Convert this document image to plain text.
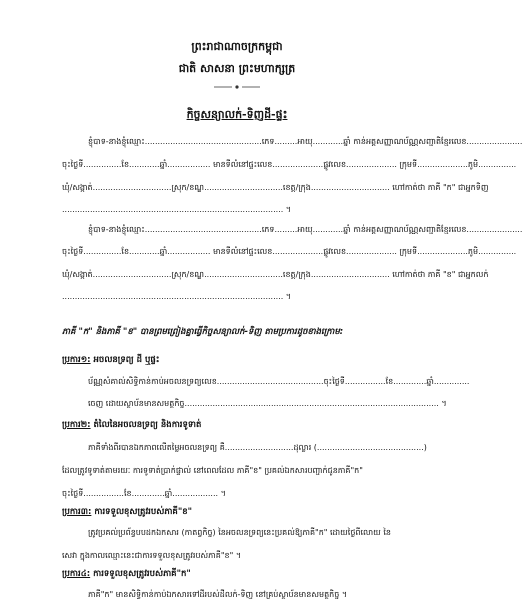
ព្រះរាជាណាចក្រកម្ពុជា
ជាតិ សាសនា ព្រះមហាក្សត្រ
កិច្ចសន្យាលក់-ទិញដី-ផ្ទះ
ខ្ញុំបាទ-នាងខ្ញុំឈ្មោះ..............................................ភេទ.........អាយុ............ឆ្នាំ កាន់អត្តសញ្ញាណប័ណ្ណសញ្ជាតិខ្មែរលេខ......................
ចុះថ្ងៃទី...............ខែ............ឆ្នាំ................. មានទីលំនៅផ្ទះលេខ....................ផ្លូវលេខ.................... ក្រុមទី....................ភូមិ...............
ឃុំ/សង្កាត់...............................ស្រុក/ខណ្ឌ...............................ខេត្ត/ក្រុង............................... ហៅកាត់ថា ភាគី "ក" ជាអ្នកទិញ
....................................................................................... ។
ខ្ញុំបាទ-នាងខ្ញុំឈ្មោះ..............................................ភេទ.........អាយុ............ឆ្នាំ កាន់អត្តសញ្ញាណប័ណ្ណសញ្ជាតិខ្មែរលេខ......................
ចុះថ្ងៃទី...............ខែ............ឆ្នាំ................. មានទីលំនៅផ្ទះលេខ....................ផ្លូវលេខ.................... ក្រុមទី....................ភូមិ...............
ឃុំ/សង្កាត់...............................ស្រុក/ខណ្ឌ...............................ខេត្ត/ក្រុង............................... ហៅកាត់ថា ភាគី "ខ" ជាអ្នកលក់
....................................................................................... ។
ភាគី "ក" និងភាគី "ខ" បានព្រមព្រៀងគ្នាធ្វើកិច្ចសន្យាលក់-ទិញ តាមប្រការដូចខាងក្រោម:
ប្រការ១: អចលនទ្រព្យ ដី ឬផ្ទះ
ប័ណ្ណសំគាល់សិទ្ធិកាន់កាប់អចលនទ្រព្យលេខ..........................................ចុះថ្ងៃទី................ខែ.............ឆ្នាំ..............
ចេញ ដោយស្ថាប័នមានសមត្ថកិច្ច.................................................................................................... ។
ប្រការ២: តំលៃនៃអចលនទ្រព្យ និងការទូទាត់
ភាគីទាំងពីរបានឯកភាពលើតម្លៃអចលនទ្រព្យ គឺ...........................ដុល្លារ (..........................................)
ដែលត្រូវទូទាត់តាមរយៈ ការទូទាត់ប្រាក់ផ្ទាល់ នៅពេលដែល ភាគី"ខ" ប្រគល់ឯកសារបញ្ជាក់ជូនភាគី"ក"
ចុះថ្ងៃទី................ខែ.............ឆ្នាំ.................. ។
ប្រការ៣: ការទទួលខុសត្រូវរបស់ភាគី"ខ"
ត្រូវប្រគល់ប្រព័ន្ធបបដកឯកសារ (កាតព្វកិច្ច) នៃអចលនទ្រព្យនេះប្រគល់ឱ្យភាគី"ក" ដោយថ្ងៃពីលោយ នៃ
សេវា ក្នុងកាលឈ្មោះនេះជាការទទួលខុសត្រូវរបស់ភាគី"ខ" ។
ប្រការ៤: ការទទួលខុសត្រូវរបស់ភាគី"ក"
ភាគី"ក" មានសិទ្ធិកាន់កាប់ឯកសារទៅដីរបស់ដីលក់-ទិញ នៅគ្រប់ស្ថាប័នមានសមត្ថកិច្ច ។
